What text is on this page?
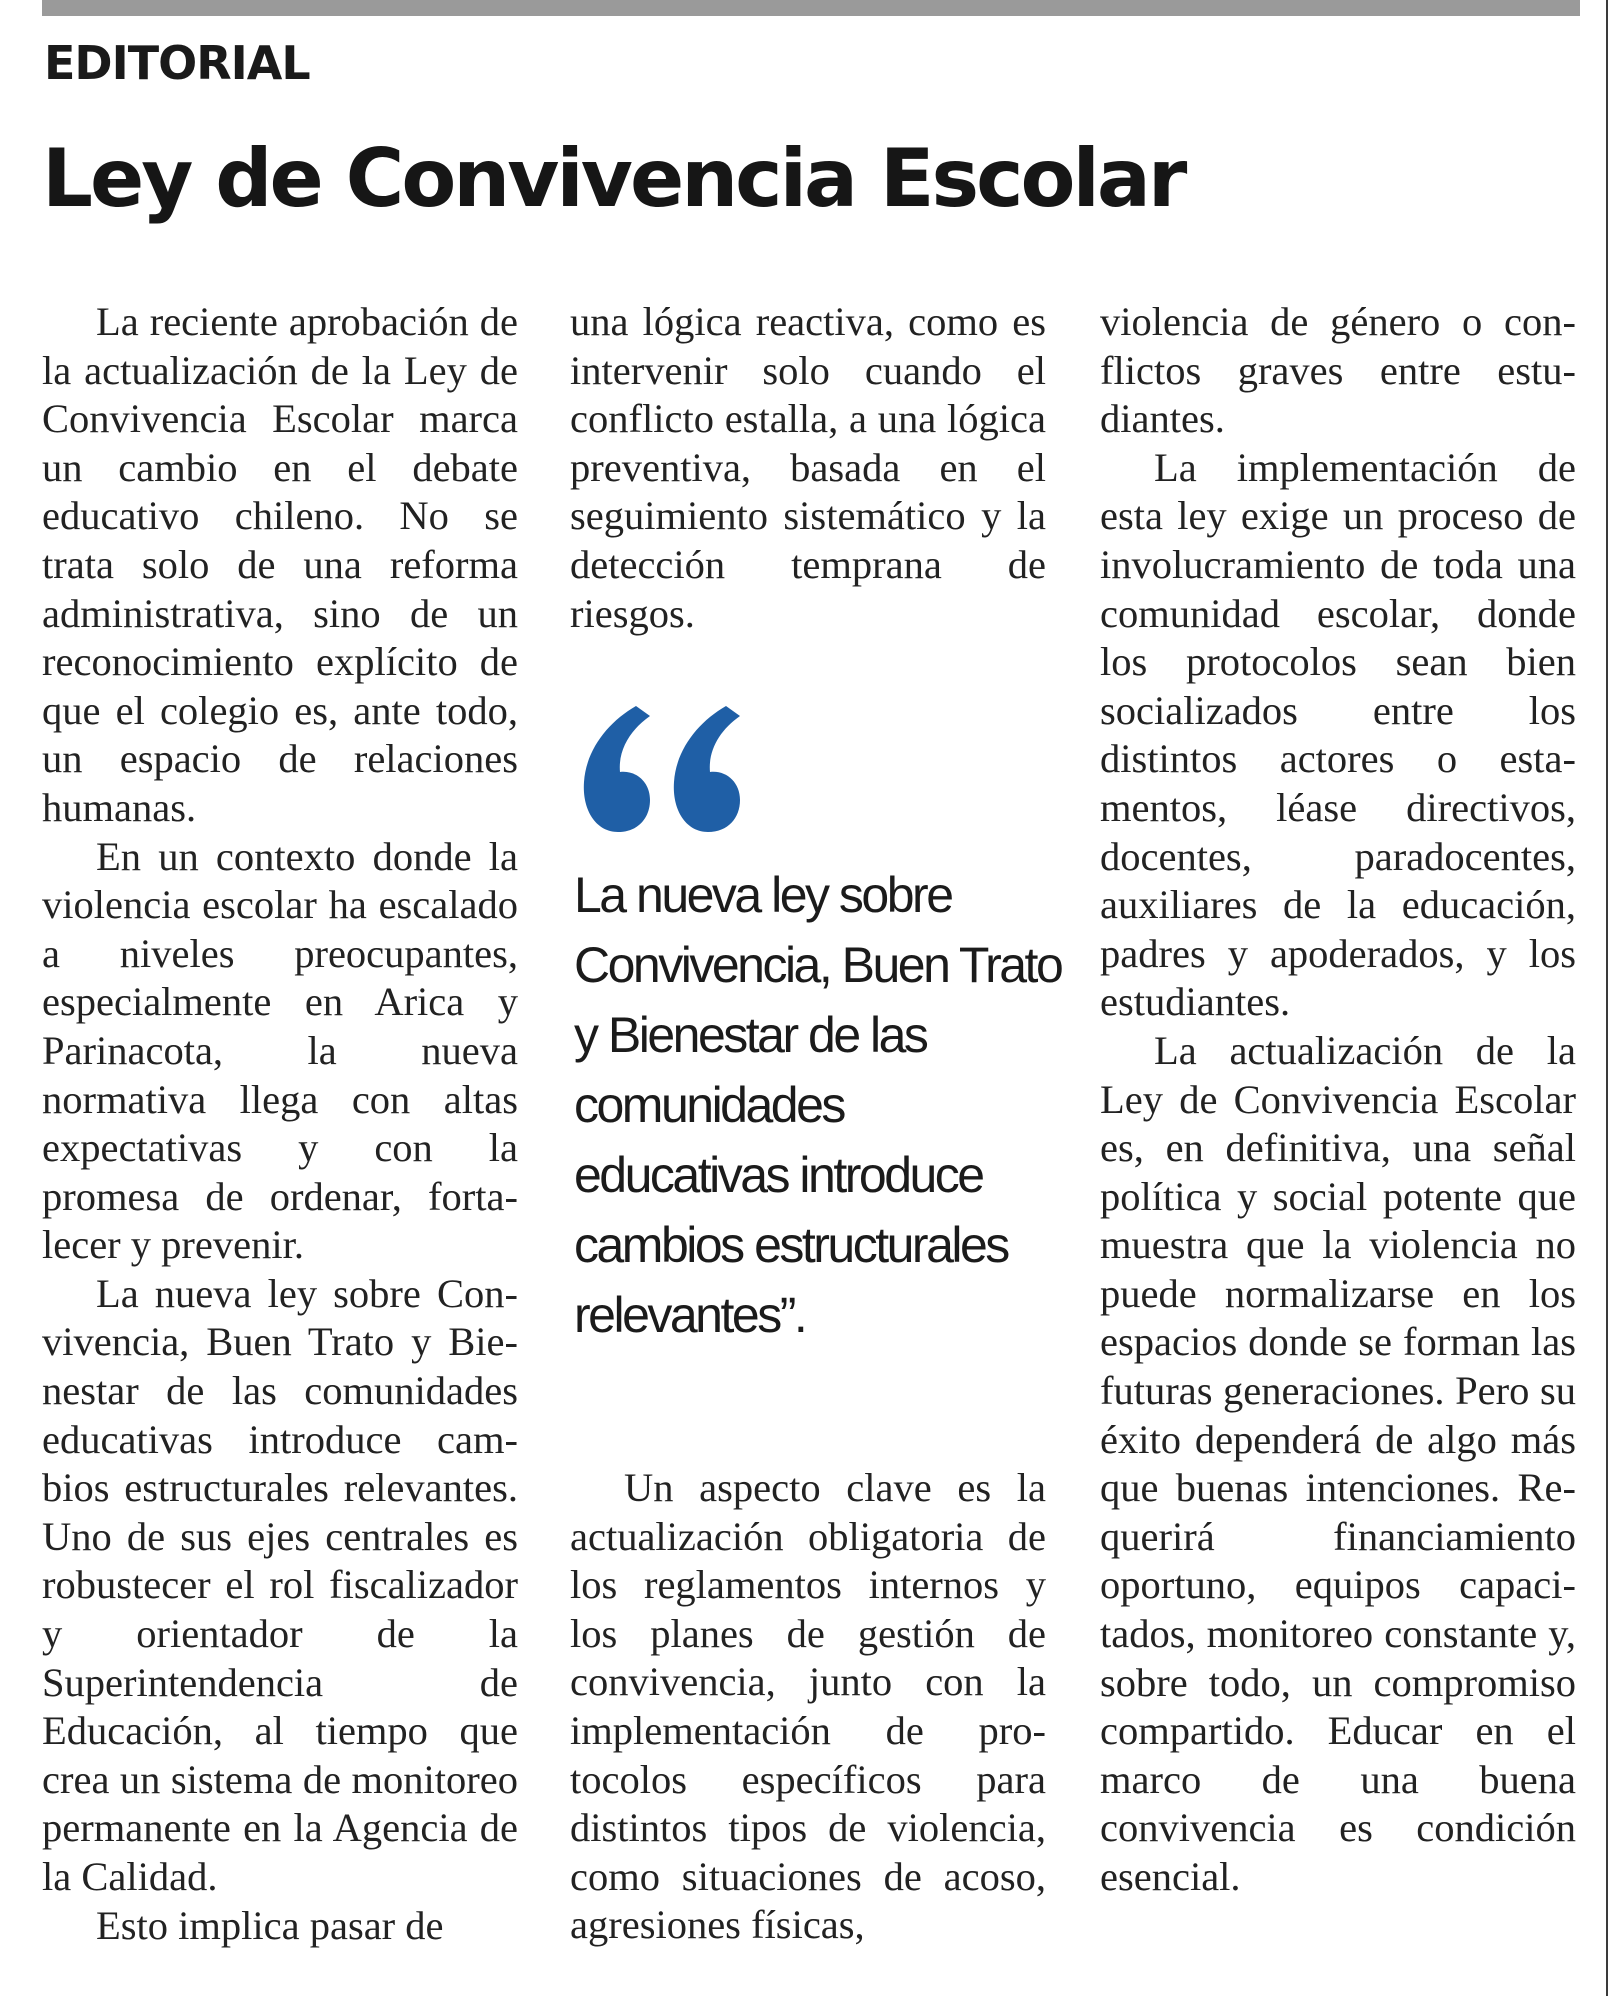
EDITORIAL
Ley de Convivencia Escolar

La reciente aprobación de la actualización de la Ley de Convivencia Escolar marca un cambio en el debate educativo chileno. No se trata solo de una reforma administrativa, sino de un reconocimiento explícito de que el colegio es, ante todo, un espacio de relaciones humanas.

En un contexto donde la violencia escolar ha escalado a niveles preocupantes, especialmente en Arica y Parinacota, la nueva normativa llega con altas expectativas y con la promesa de ordenar, fortalecer y prevenir.

La nueva ley sobre Convivencia, Buen Trato y Bienestar de las comunidades educativas introduce cambios estructurales relevantes. Uno de sus ejes centrales es robustecer el rol fiscalizador y orientador de la Superintendencia de Educación, al tiempo que crea un sistema de monitoreo permanente en la Agencia de la Calidad.

Esto implica pasar de

una lógica reactiva, como es intervenir solo cuando el conflicto estalla, a una lógica preventiva, basada en el seguimiento sistemático y la detección temprana de riesgos.

La nueva ley sobre Convivencia, Buen Trato y Bienestar de las comunidades educativas introduce cambios estructurales relevantes”.

Un aspecto clave es la actualización obligatoria de los reglamentos internos y los planes de gestión de convivencia, junto con la implementación de protocolos específicos para distintos tipos de violencia, como situaciones de acoso, agresiones físicas,

violencia de género o conflictos graves entre estudiantes.

La implementación de esta ley exige un proceso de involucramiento de toda una comunidad escolar, donde los protocolos sean bien socializados entre los distintos actores o estamentos, léase directivos, docentes, paradocentes, auxiliares de la educación, padres y apoderados, y los estudiantes.

La actualización de la Ley de Convivencia Escolar es, en definitiva, una señal política y social potente que muestra que la violencia no puede normalizarse en los espacios donde se forman las futuras generaciones. Pero su éxito dependerá de algo más que buenas intenciones. Requerirá financiamiento oportuno, equipos capacitados, monitoreo constante y, sobre todo, un compromiso compartido. Educar en el marco de una buena convivencia es condición esencial.
